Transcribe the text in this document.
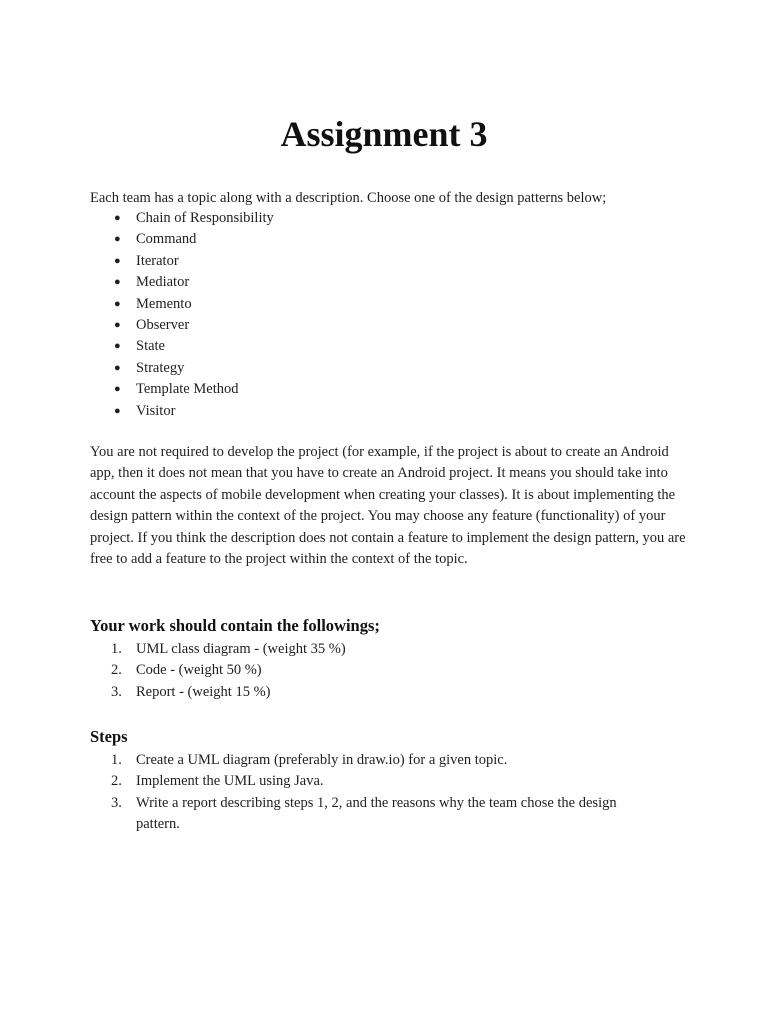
Assignment 3
Each team has a topic along with a description. Choose one of the design patterns below;
● Chain of Responsibility
● Command
● Iterator
● Mediator
● Memento
● Observer
● State
● Strategy
● Template Method
● Visitor

You are not required to develop the project (for example, if the project is about to create an Android app, then it does not mean that you have to create an Android project. It means you should take into account the aspects of mobile development when creating your classes). It is about implementing the design pattern within the context of the project. You may choose any feature (functionality) of your project. If you think the description does not contain a feature to implement the design pattern, you are free to add a feature to the project within the context of the topic.

Your work should contain the followings;
1. UML class diagram - (weight 35 %)
2. Code - (weight 50 %)
3. Report - (weight 15 %)
Steps
1. Create a UML diagram (preferably in draw.io) for a given topic.
2. Implement the UML using Java.
3. Write a report describing steps 1, 2, and the reasons why the team chose the design pattern.
